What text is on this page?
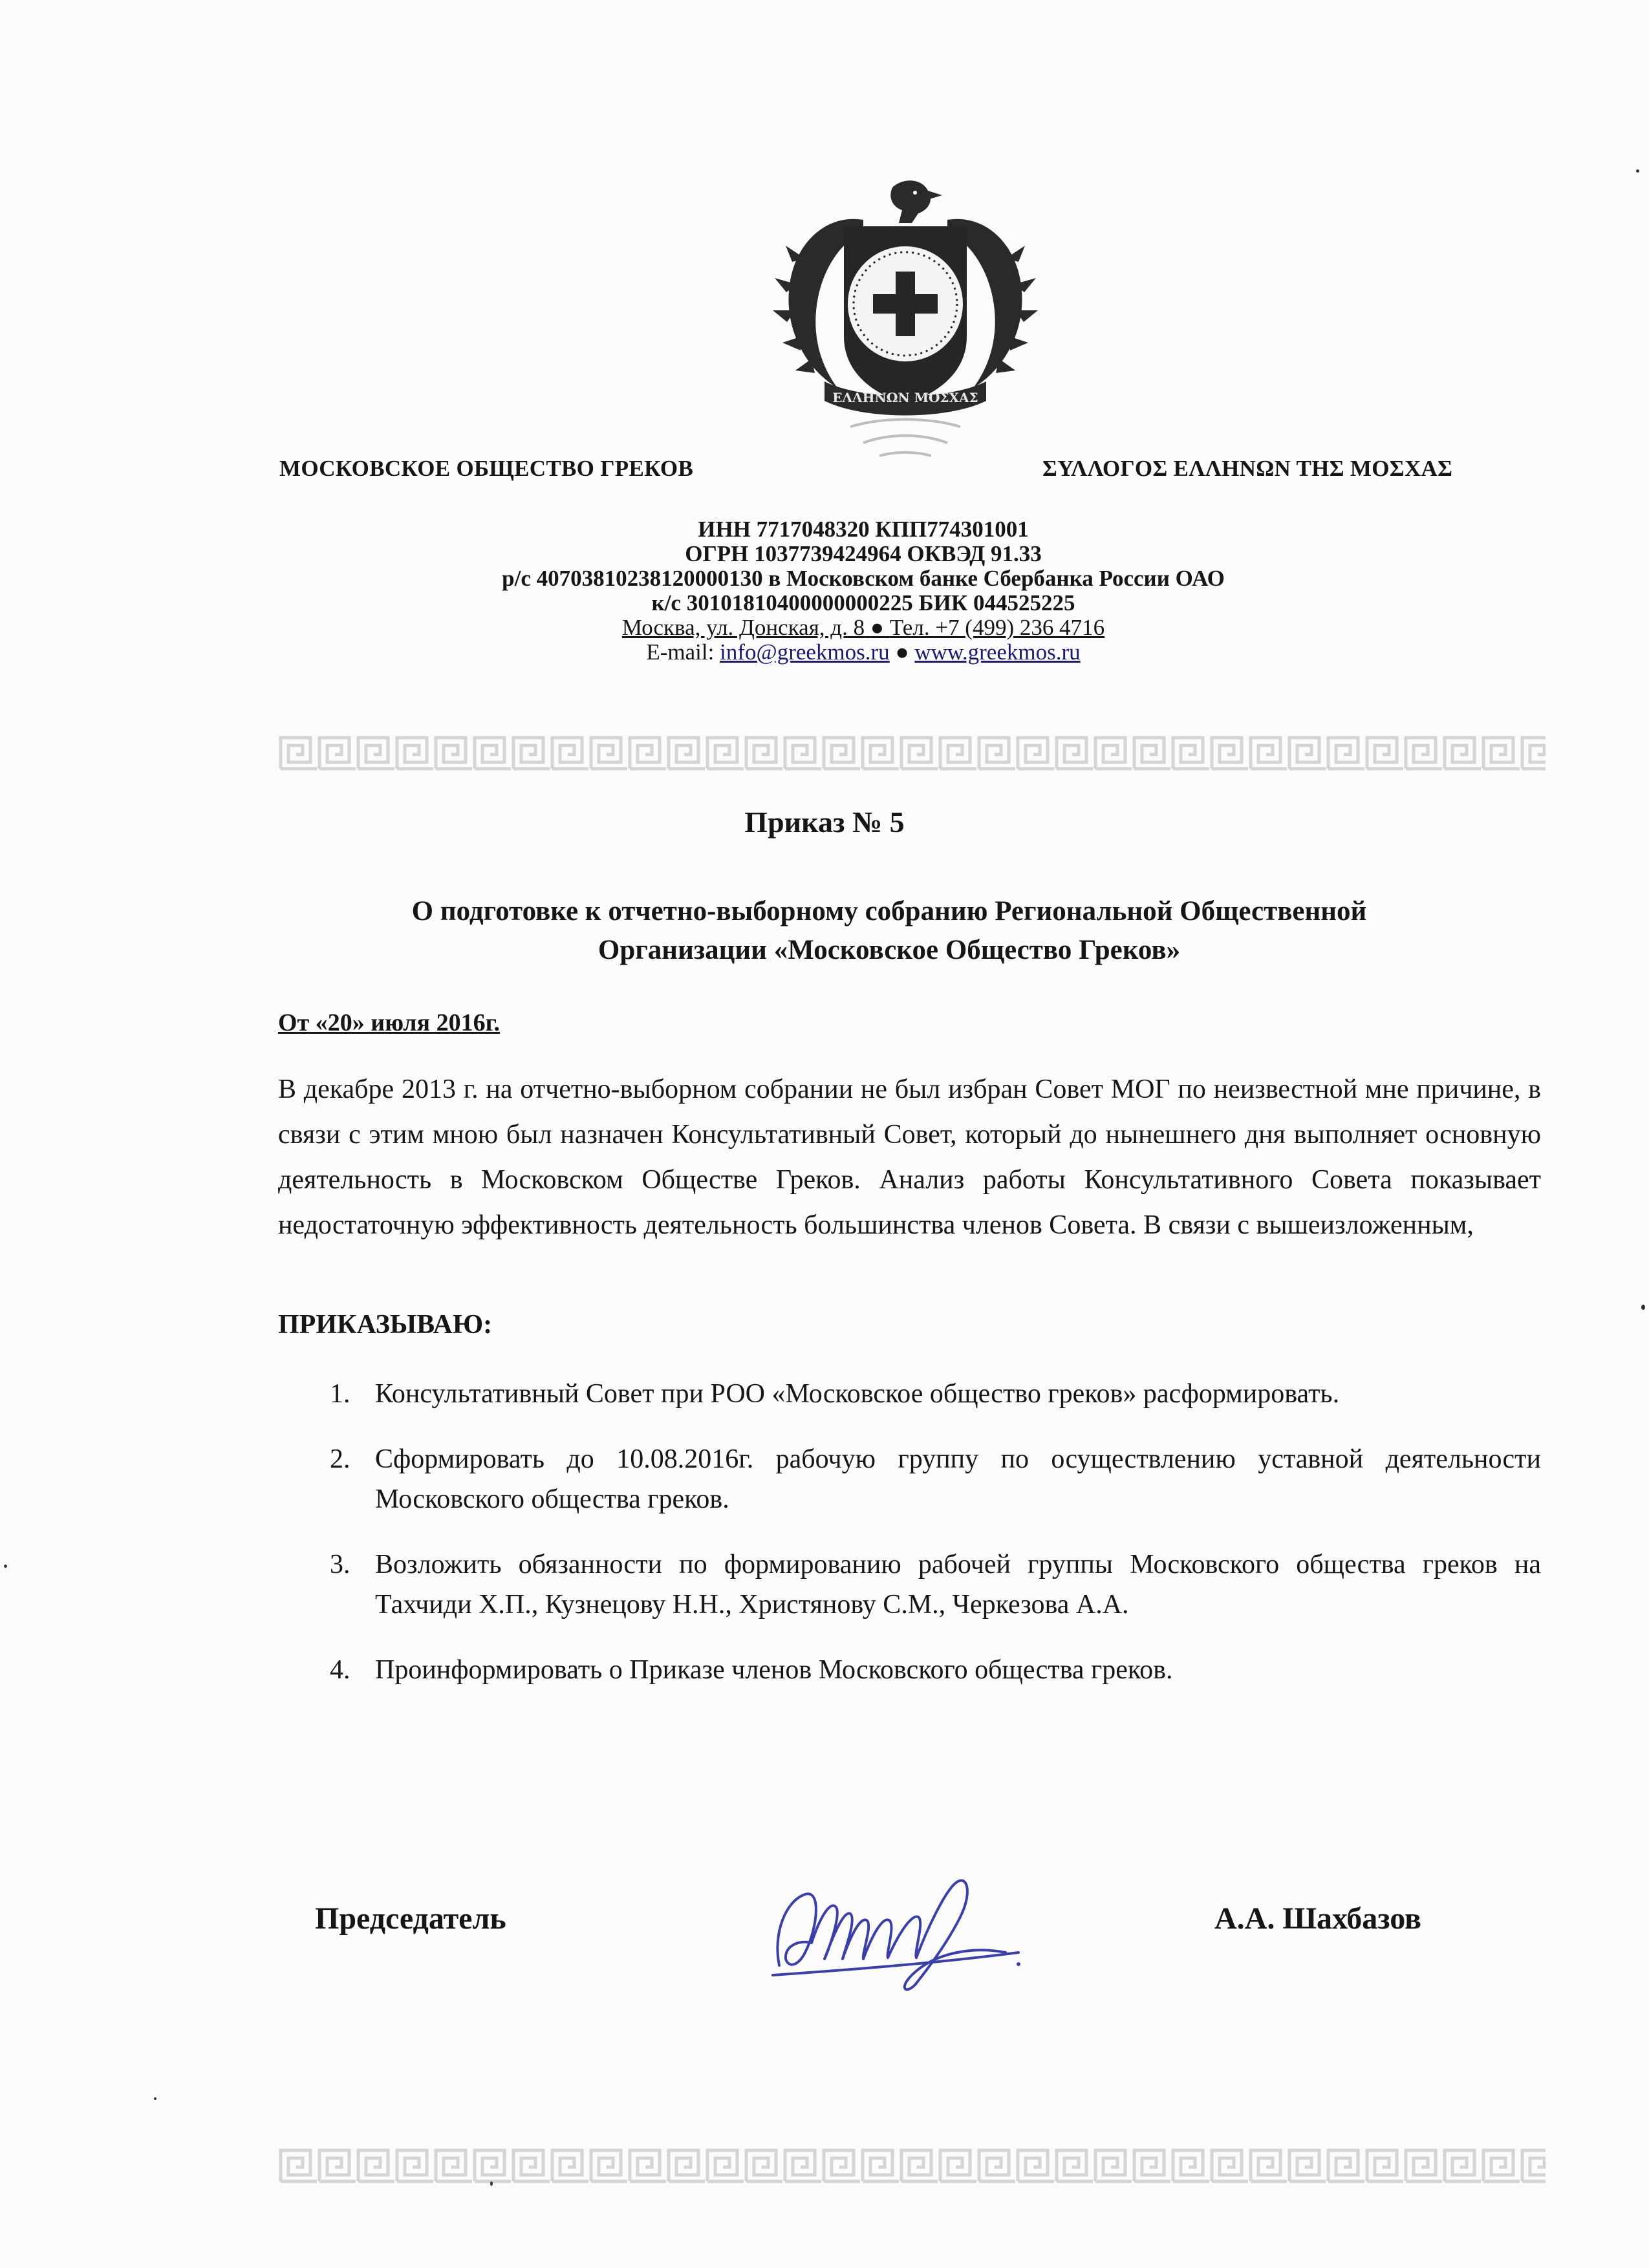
ΕΛΛΗΝΩΝ ΜΟΣΧΑΣ
МОСКОВСКОЕ ОБЩЕСТВО ГРЕКОВ	ΣΥΛΛΟΓΟΣ ΕΛΛΗΝΩΝ ΤΗΣ ΜΟΣΧΑΣ
ИНН 7717048320 КПП774301001
ОГРН 1037739424964 ОКВЭД 91.33
р/с 40703810238120000130 в Московском банке Сбербанка России ОАО
к/с 30101810400000000225 БИК 044525225
Москва, ул. Донская, д. 8 ● Тел. +7 (499) 236 4716
E-mail: info@greekmos.ru ● www.greekmos.ru
Приказ № 5
О подготовке к отчетно-выборному собранию Региональной Общественной Организации «Московское Общество Греков»
От «20» июля 2016г.
В декабре 2013 г. на отчетно-выборном собрании не был избран Совет МОГ по неизвестной мне причине, в связи с этим мною был назначен Консультативный Совет, который до нынешнего дня выполняет основную деятельность в Московском Обществе Греков. Анализ работы Консультативного Совета показывает недостаточную эффективность деятельность большинства членов Совета. В связи с вышеизложенным,
ПРИКАЗЫВАЮ:
1. Консультативный Совет при РОО «Московское общество греков» расформировать.
2. Сформировать до 10.08.2016г. рабочую группу по осуществлению уставной деятельности Московского общества греков.
3. Возложить обязанности по формированию рабочей группы Московского общества греков на Тахчиди Х.П., Кузнецову Н.Н., Христянову С.М., Черкезова А.А.
4. Проинформировать о Приказе членов Московского общества греков.
Председатель	А.А. Шахбазов
